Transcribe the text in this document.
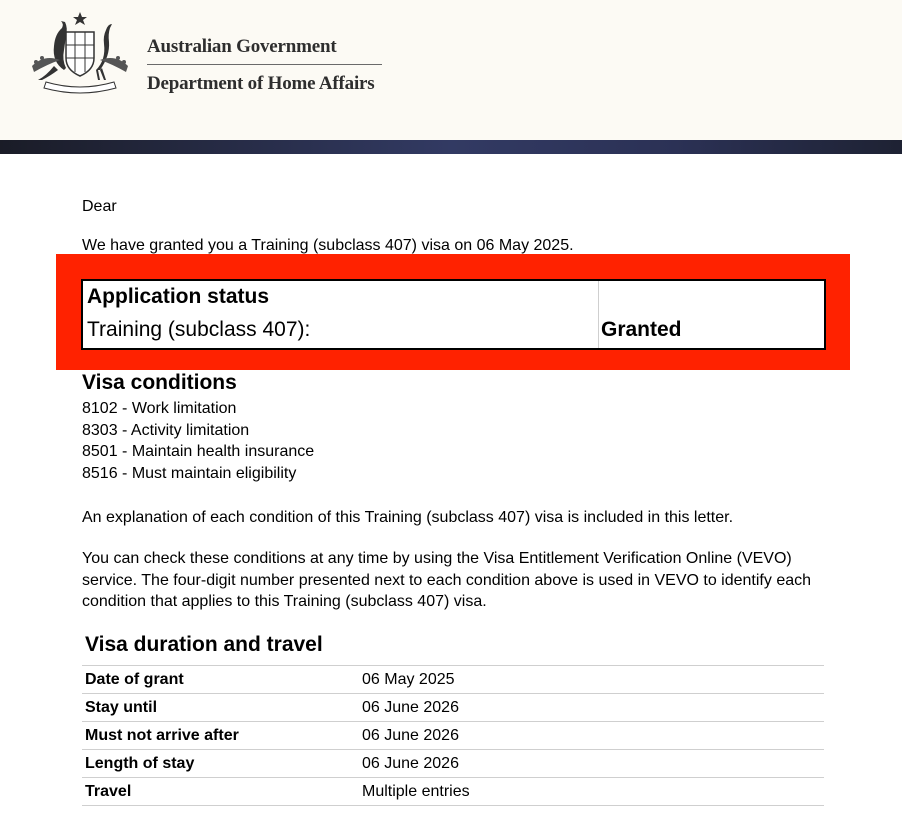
Australian Government
Department of Home Affairs
Dear
We have granted you a Training (subclass 407) visa on 06 May 2025.
Application status
Training (subclass 407):	Granted
Visa conditions
8102 - Work limitation
8303 - Activity limitation
8501 - Maintain health insurance
8516 - Must maintain eligibility
An explanation of each condition of this Training (subclass 407) visa is included in this letter.
You can check these conditions at any time by using the Visa Entitlement Verification Online (VEVO) service. The four-digit number presented next to each condition above is used in VEVO to identify each condition that applies to this Training (subclass 407) visa.
Visa duration and travel
Date of grant	06 May 2025
Stay until	06 June 2026
Must not arrive after	06 June 2026
Length of stay	06 June 2026
Travel	Multiple entries
